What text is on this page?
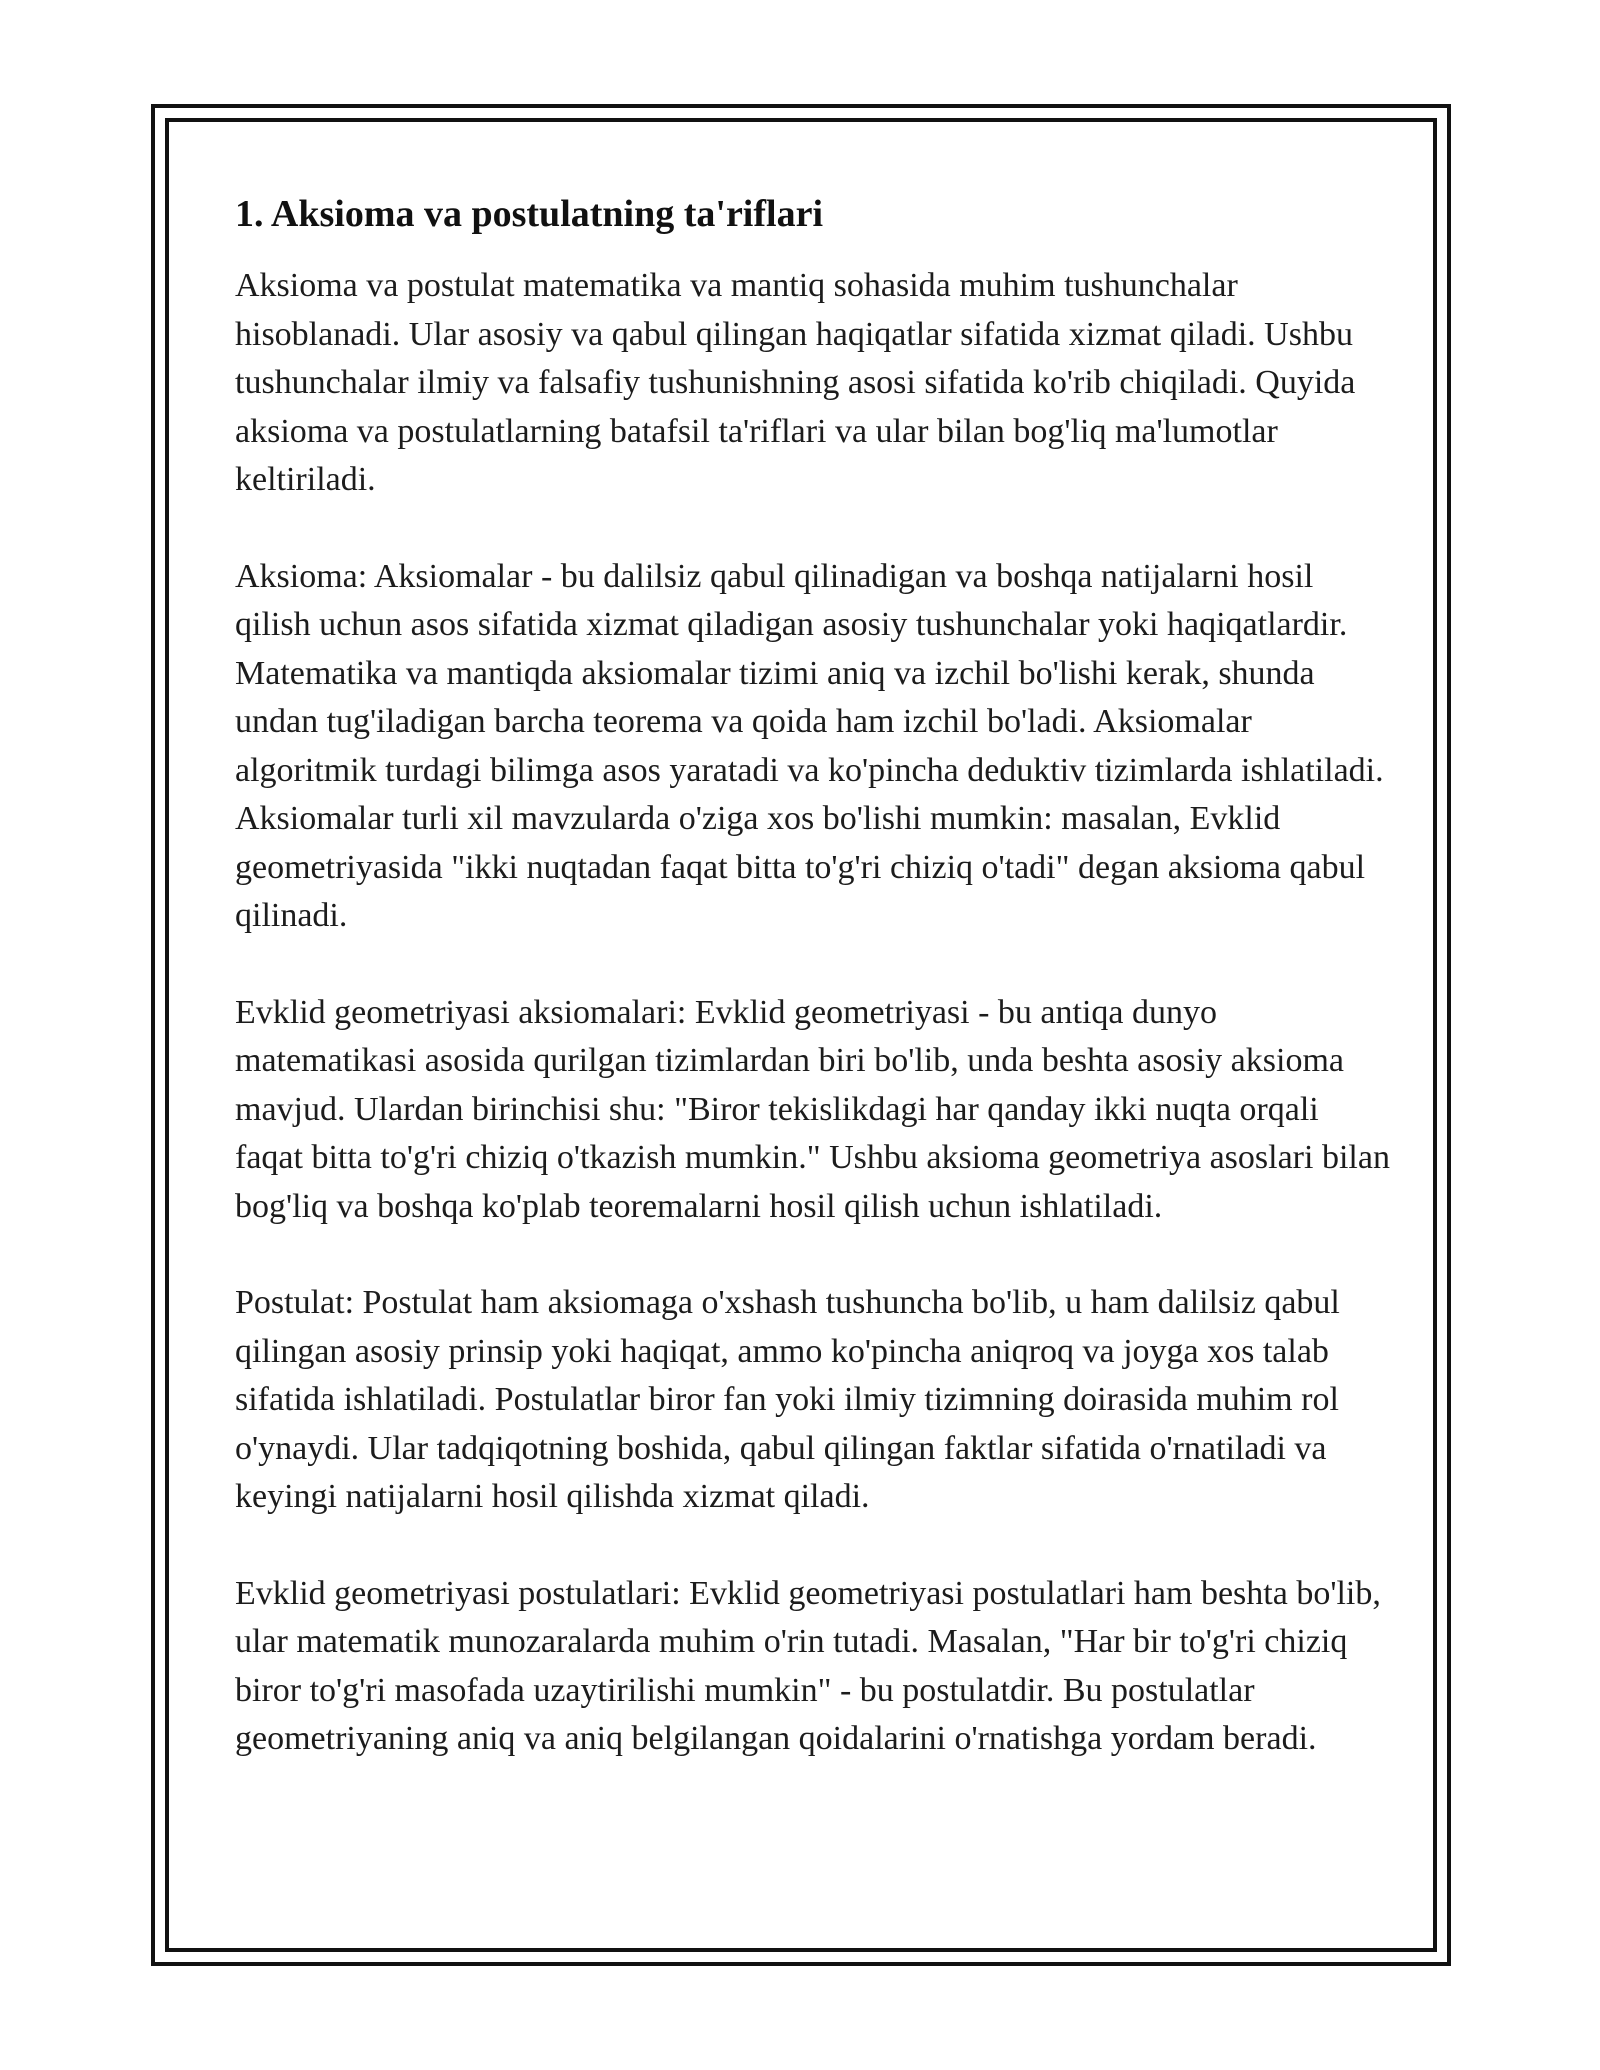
1. Aksioma va postulatning ta'riflari

Aksioma va postulat matematika va mantiq sohasida muhim tushunchalar hisoblanadi. Ular asosiy va qabul qilingan haqiqatlar sifatida xizmat qiladi. Ushbu tushunchalar ilmiy va falsafiy tushunishning asosi sifatida ko'rib chiqiladi. Quyida aksioma va postulatlarning batafsil ta'riflari va ular bilan bog'liq ma'lumotlar keltiriladi.

Aksioma: Aksiomalar - bu dalilsiz qabul qilinadigan va boshqa natijalarni hosil qilish uchun asos sifatida xizmat qiladigan asosiy tushunchalar yoki haqiqatlardir. Matematika va mantiqda aksiomalar tizimi aniq va izchil bo'lishi kerak, shunda undan tug'iladigan barcha teorema va qoida ham izchil bo'ladi. Aksiomalar algoritmik turdagi bilimga asos yaratadi va ko'pincha deduktiv tizimlarda ishlatiladi. Aksiomalar turli xil mavzularda o'ziga xos bo'lishi mumkin: masalan, Evklid geometriyasida "ikki nuqtadan faqat bitta to'g'ri chiziq o'tadi" degan aksioma qabul qilinadi.

Evklid geometriyasi aksiomalari: Evklid geometriyasi - bu antiqa dunyo matematikasi asosida qurilgan tizimlardan biri bo'lib, unda beshta asosiy aksioma mavjud. Ulardan birinchisi shu: "Biror tekislikdagi har qanday ikki nuqta orqali faqat bitta to'g'ri chiziq o'tkazish mumkin." Ushbu aksioma geometriya asoslari bilan bog'liq va boshqa ko'plab teoremalarni hosil qilish uchun ishlatiladi.

Postulat: Postulat ham aksiomaga o'xshash tushuncha bo'lib, u ham dalilsiz qabul qilingan asosiy prinsip yoki haqiqat, ammo ko'pincha aniqroq va joyga xos talab sifatida ishlatiladi. Postulatlar biror fan yoki ilmiy tizimning doirasida muhim rol o'ynaydi. Ular tadqiqotning boshida, qabul qilingan faktlar sifatida o'rnatiladi va keyingi natijalarni hosil qilishda xizmat qiladi.

Evklid geometriyasi postulatlari: Evklid geometriyasi postulatlari ham beshta bo'lib, ular matematik munozaralarda muhim o'rin tutadi. Masalan, "Har bir to'g'ri chiziq biror to'g'ri masofada uzaytirilishi mumkin" - bu postulatdir. Bu postulatlar geometriyaning aniq va aniq belgilangan qoidalarini o'rnatishga yordam beradi.
